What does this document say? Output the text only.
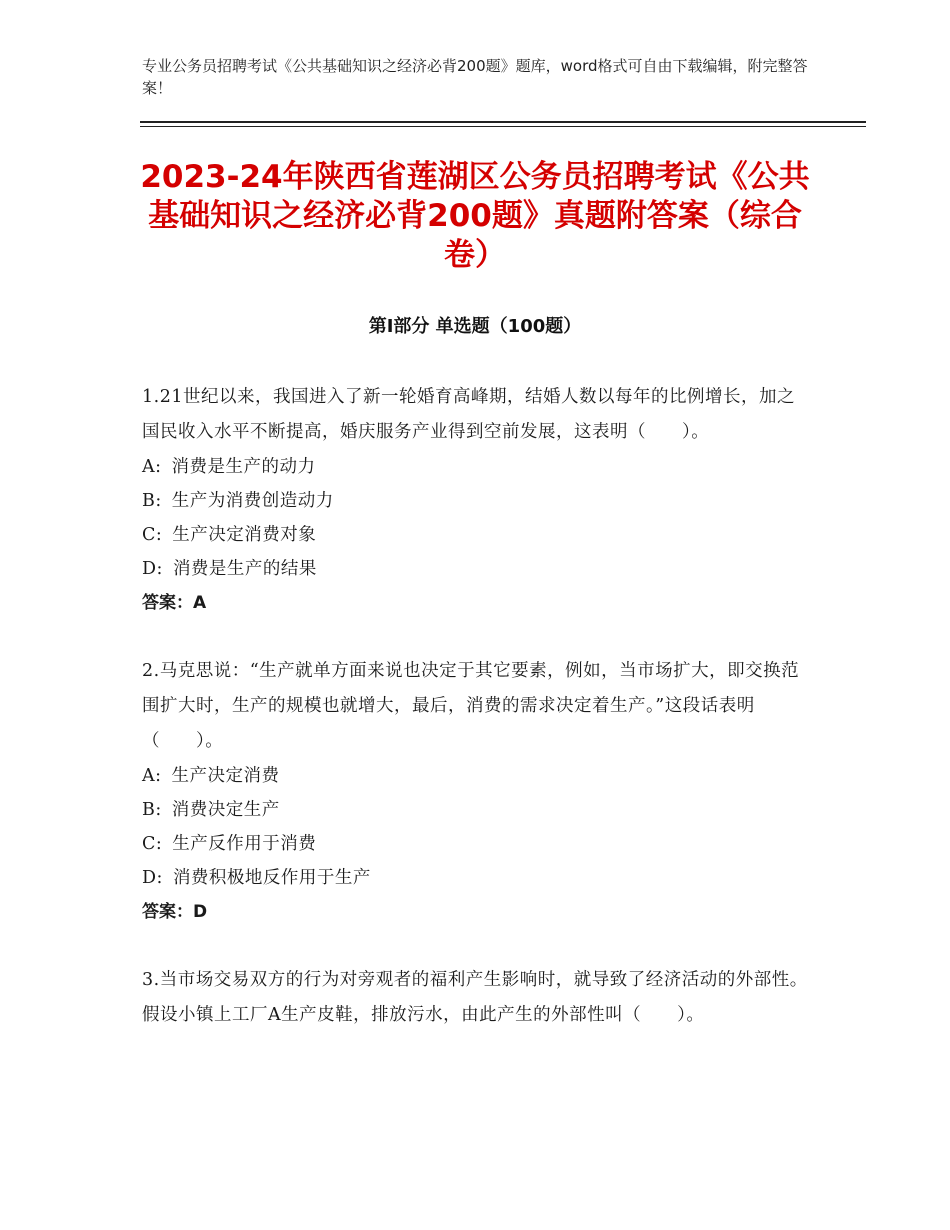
专业公务员招聘考试《公共基础知识之经济必背200题》题库，word格式可自由下载编辑，附完整答案！
2023-24年陕西省莲湖区公务员招聘考试《公共基础知识之经济必背200题》真题附答案（综合卷）
第Ⅰ部分 单选题（100题）
1.21世纪以来，我国进入了新一轮婚育高峰期，结婚人数以每年的比例增长，加之国民收入水平不断提高，婚庆服务产业得到空前发展，这表明（　　）。
A: 消费是生产的动力
B: 生产为消费创造动力
C: 生产决定消费对象
D: 消费是生产的结果
答案：A
2.马克思说：“生产就单方面来说也决定于其它要素，例如，当市场扩大，即交换范围扩大时，生产的规模也就增大，最后，消费的需求决定着生产。”这段话表明（　　）。
A: 生产决定消费
B: 消费决定生产
C: 生产反作用于消费
D: 消费积极地反作用于生产
答案：D
3.当市场交易双方的行为对旁观者的福利产生影响时，就导致了经济活动的外部性。假设小镇上工厂A生产皮鞋，排放污水，由此产生的外部性叫（　　）。
